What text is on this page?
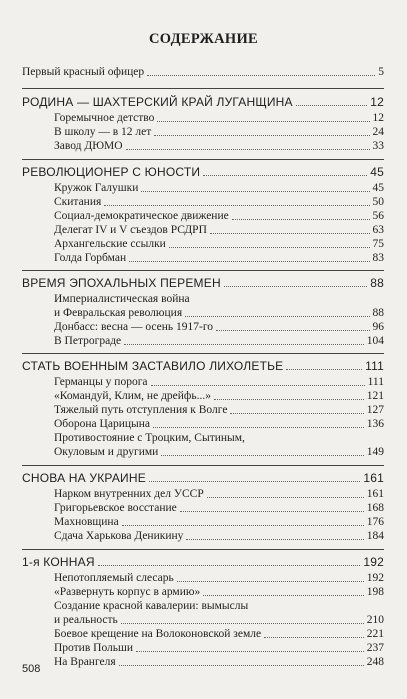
СОДЕРЖАНИЕ
Первый красный офицер	5
РОДИНА — ШАХТЕРСКИЙ КРАЙ ЛУГАНЩИНА	12
Горемычное детство	12
В школу — в 12 лет	24
Завод ДЮМО	33
РЕВОЛЮЦИОНЕР С ЮНОСТИ	45
Кружок Галушки	45
Скитания	50
Социал-демократическое движение	56
Делегат IV и V съездов РСДРП	63
Архангельские ссылки	75
Голда Горбман	83
ВРЕМЯ ЭПОХАЛЬНЫХ ПЕРЕМЕН	88
Империалистическая война
и Февральская революция	88
Донбасс: весна — осень 1917-го	96
В Петрограде	104
СТАТЬ ВОЕННЫМ ЗАСТАВИЛО ЛИХОЛЕТЬЕ	111
Германцы у порога	111
«Командуй, Клим, не дрейфь...»	121
Тяжелый путь отступления к Волге	127
Оборона Царицына	136
Противостояние с Троцким, Сытиным,
Окуловым и другими	149
СНОВА НА УКРАИНЕ	161
Нарком внутренних дел УССР	161
Григорьевское восстание	168
Махновщина	176
Сдача Харькова Деникину	184
1-я КОННАЯ	192
Непотопляемый слесарь	192
«Развернуть корпус в армию»	198
Создание красной кавалерии: вымыслы
и реальность	210
Боевое крещение на Волоконовской земле	221
Против Польши	237
На Врангеля	248
508
